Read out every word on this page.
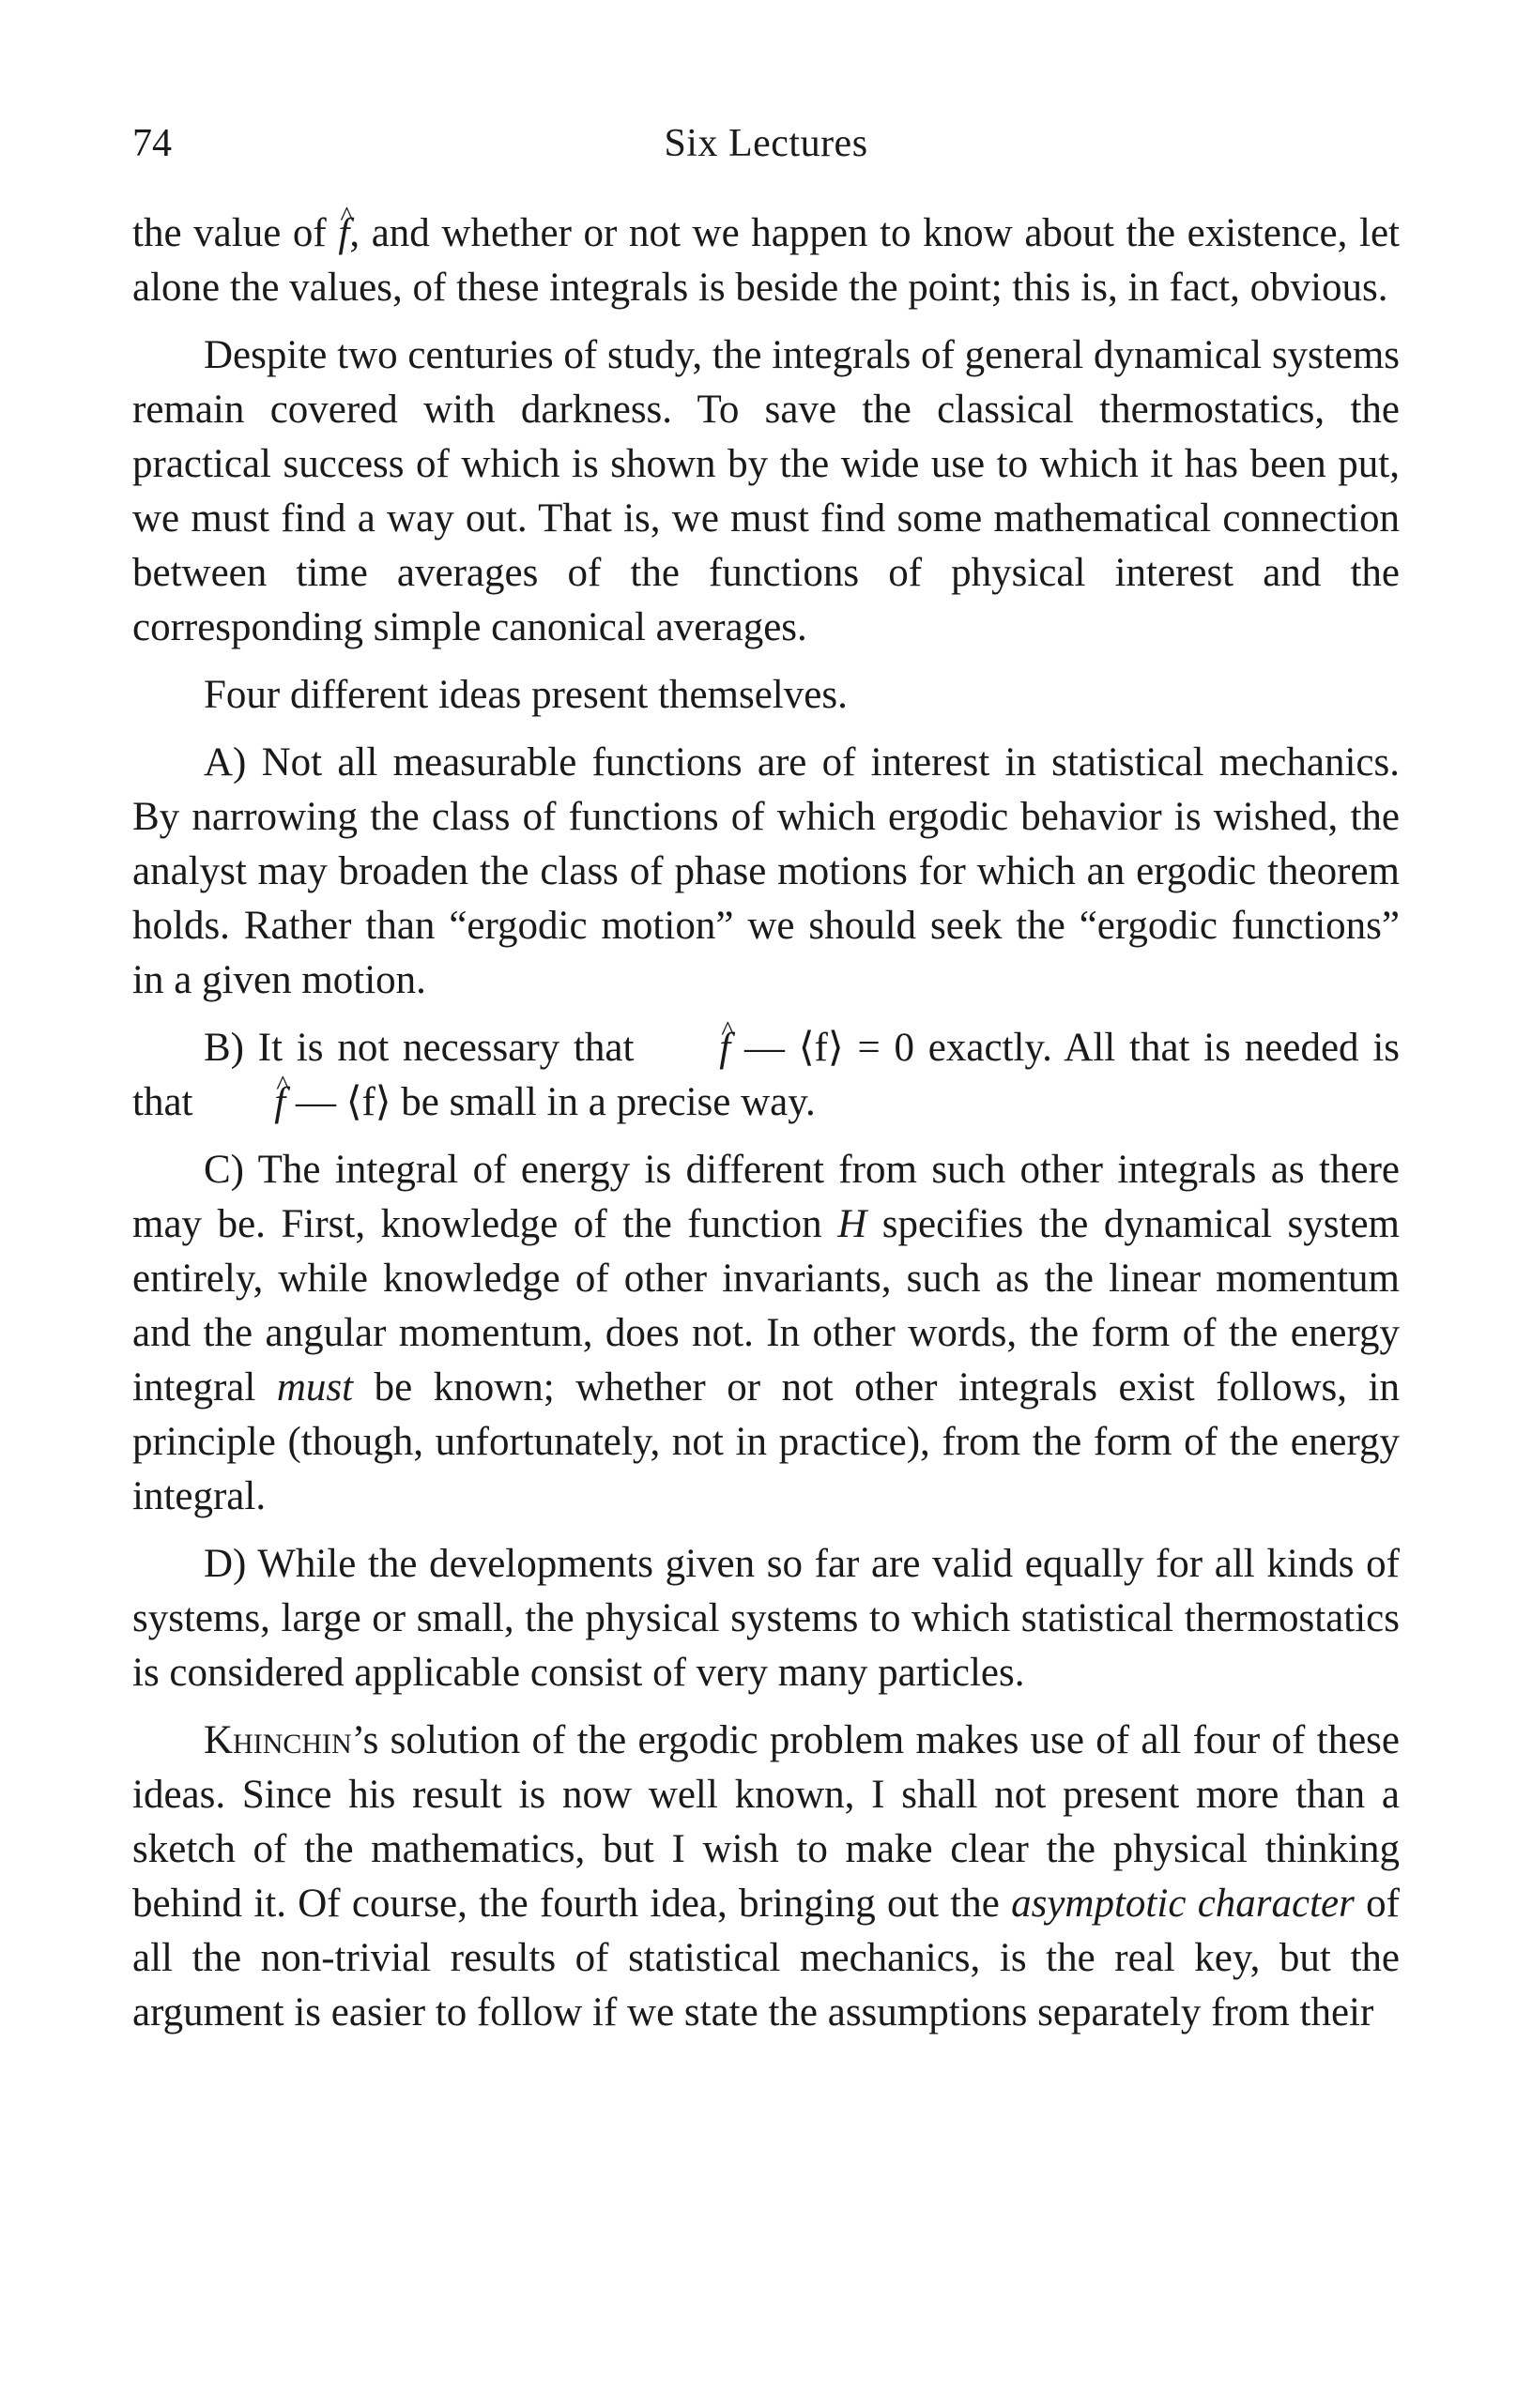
74	Six Lectures

the value of ^ f, and whether or not we happen to know about the existence, let alone the values, of these integrals is beside the point; this is, in fact, obvious.

Despite two centuries of study, the integrals of general dynamical systems remain covered with darkness. To save the classical thermostatics, the practical success of which is shown by the wide use to which it has been put, we must find a way out. That is, we must find some mathematical connection between time averages of the functions of physical interest and the corresponding simple canonical averages.

Four different ideas present themselves.

A) Not all measurable functions are of interest in statistical mechanics. By narrowing the class of functions of which ergodic behavior is wished, the analyst may broaden the class of phase motions for which an ergodic theorem holds. Rather than “ergodic motion” we should seek the “ergodic functions” in a given motion.

B) It is not necessary that ^ f — ⟨f⟩ = 0 exactly. All that is needed is that ^ f — ⟨f⟩ be small in a precise way.

C) The integral of energy is different from such other integrals as there may be. First, knowledge of the function H specifies the dynamical system entirely, while knowledge of other invariants, such as the linear momentum and the angular momentum, does not. In other words, the form of the energy integral must be known; whether or not other integrals exist follows, in principle (though, unfortunately, not in practice), from the form of the energy integral.

D) While the developments given so far are valid equally for all kinds of systems, large or small, the physical systems to which statistical thermostatics is considered applicable consist of very many particles.

Khinchin’s solution of the ergodic problem makes use of all four of these ideas. Since his result is now well known, I shall not present more than a sketch of the mathematics, but I wish to make clear the physical thinking behind it. Of course, the fourth idea, bringing out the asymptotic character of all the non-trivial results of statistical mechanics, is the real key, but the argument is easier to follow if we state the assumptions separately from their
